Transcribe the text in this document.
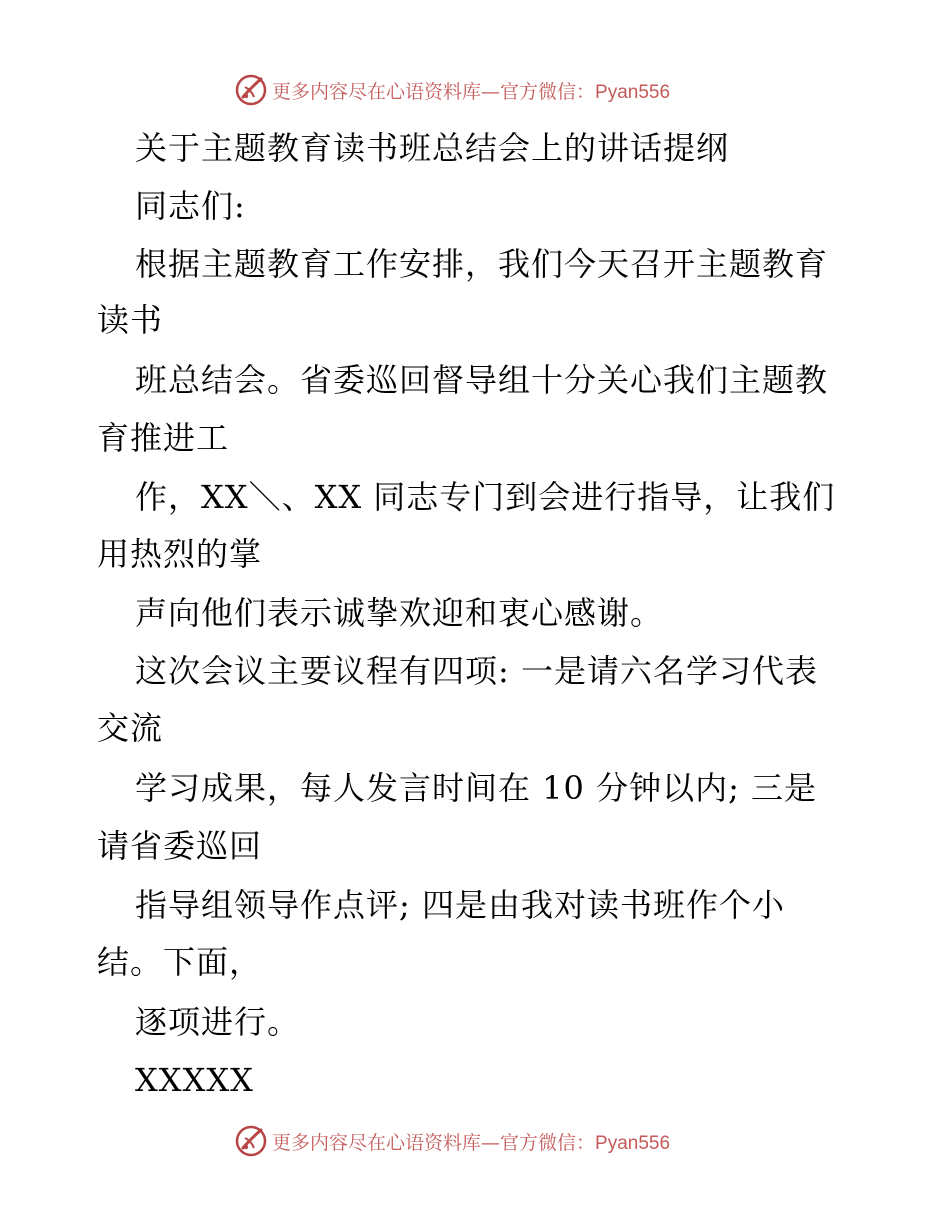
更多内容尽在心语资料库—官方微信：Pyan556
关于主题教育读书班总结会上的讲话提纲
同志们:
根据主题教育工作安排，我们今天召开主题教育
读书
班总结会。省委巡回督导组十分关心我们主题教
育推进工
作，XX＼、XX 同志专门到会进行指导，让我们
用热烈的掌
声向他们表示诚挚欢迎和衷心感谢。
这次会议主要议程有四项: 一是请六名学习代表
交流
学习成果，每人发言时间在 10 分钟以内; 三是
请省委巡回
指导组领导作点评; 四是由我对读书班作个小
结。下面，
逐项进行。
XXXXX
更多内容尽在心语资料库—官方微信：Pyan556
